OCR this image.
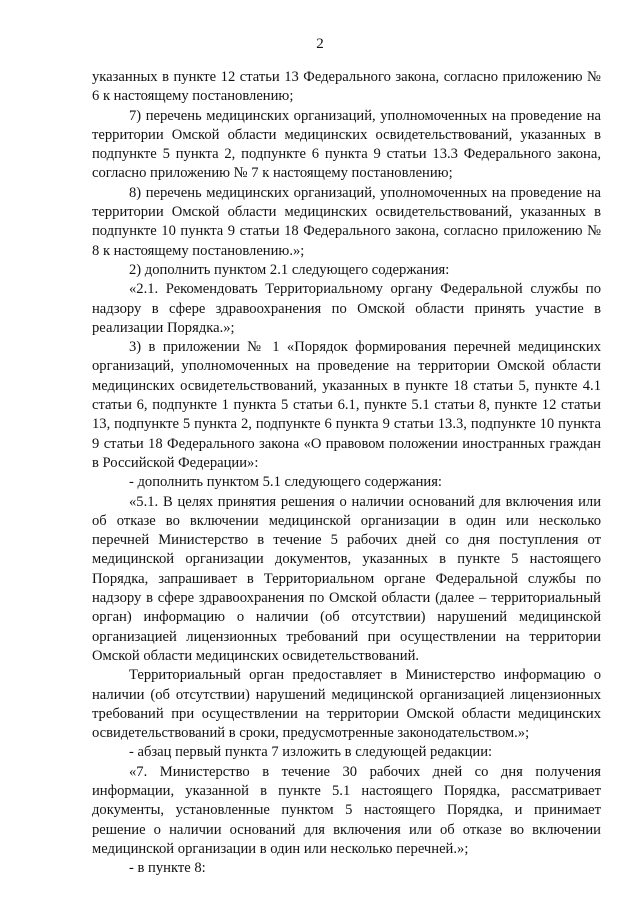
2

указанных в пункте 12 статьи 13 Федерального закона, согласно приложению № 6 к настоящему постановлению;

7) перечень медицинских организаций, уполномоченных на проведение на территории Омской области медицинских освидетельствований, указанных в подпункте 5 пункта 2, подпункте 6 пункта 9 статьи 13.3 Федерального закона, согласно приложению № 7 к настоящему постановлению;

8) перечень медицинских организаций, уполномоченных на проведение на территории Омской области медицинских освидетельствований, указанных в подпункте 10 пункта 9 статьи 18 Федерального закона, согласно приложению № 8 к настоящему постановлению.»;

2) дополнить пунктом 2.1 следующего содержания:

«2.1. Рекомендовать Территориальному органу Федеральной службы по надзору в сфере здравоохранения по Омской области принять участие в реализации Порядка.»;

3) в приложении № 1 «Порядок формирования перечней медицинских организаций, уполномоченных на проведение на территории Омской области медицинских освидетельствований, указанных в пункте 18 статьи 5, пункте 4.1 статьи 6, подпункте 1 пункта 5 статьи 6.1, пункте 5.1 статьи 8, пункте 12 статьи 13, подпункте 5 пункта 2, подпункте 6 пункта 9 статьи 13.3, подпункте 10 пункта 9 статьи 18 Федерального закона «О правовом положении иностранных граждан в Российской Федерации»:

- дополнить пунктом 5.1 следующего содержания:

«5.1. В целях принятия решения о наличии оснований для включения или об отказе во включении медицинской организации в один или несколько перечней Министерство в течение 5 рабочих дней со дня поступления от медицинской организации документов, указанных в пункте 5 настоящего Порядка, запрашивает в Территориальном органе Федеральной службы по надзору в сфере здравоохранения по Омской области (далее – территориальный орган) информацию о наличии (об отсутствии) нарушений медицинской организацией лицензионных требований при осуществлении на территории Омской области медицинских освидетельствований.

Территориальный орган предоставляет в Министерство информацию о наличии (об отсутствии) нарушений медицинской организацией лицензионных требований при осуществлении на территории Омской области медицинских освидетельствований в сроки, предусмотренные законодательством.»;

- абзац первый пункта 7 изложить в следующей редакции:

«7. Министерство в течение 30 рабочих дней со дня получения информации, указанной в пункте 5.1 настоящего Порядка, рассматривает документы, установленные пунктом 5 настоящего Порядка, и принимает решение о наличии оснований для включения или об отказе во включении медицинской организации в один или несколько перечней.»;

- в пункте 8:
